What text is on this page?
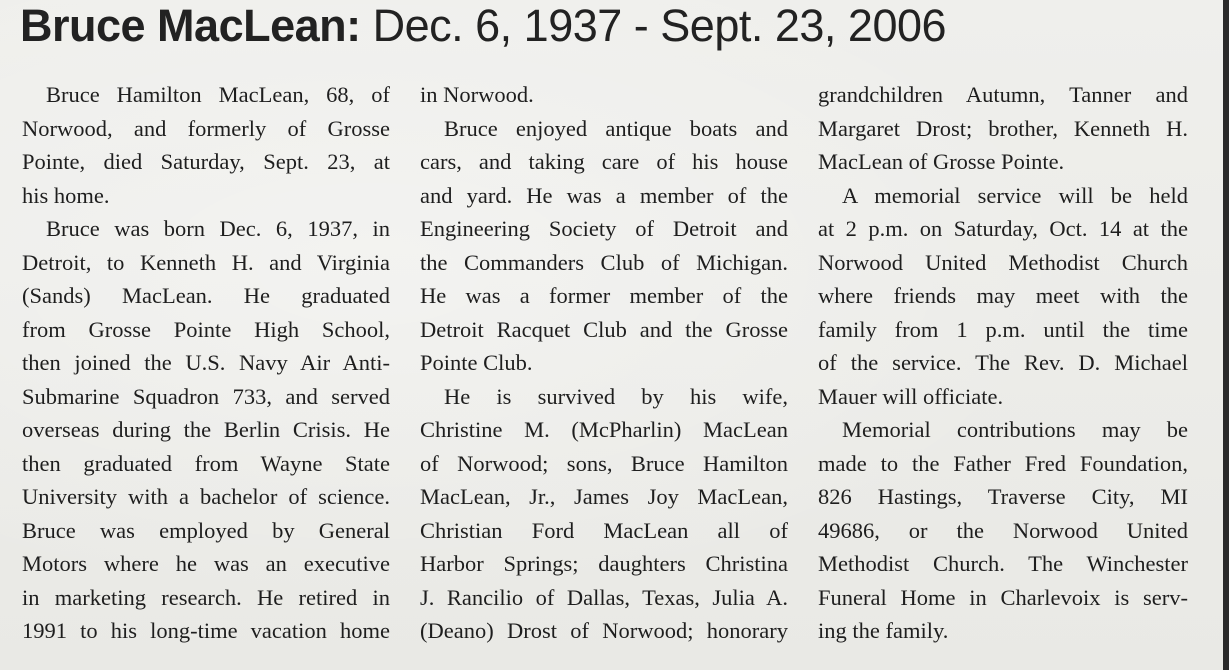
Bruce MacLean: Dec. 6, 1937 - Sept. 23, 2006
Bruce Hamilton MacLean, 68, of
Norwood, and formerly of Grosse
Pointe, died Saturday, Sept. 23, at
his home.
Bruce was born Dec. 6, 1937, in
Detroit, to Kenneth H. and Virginia
(Sands) MacLean. He graduated
from Grosse Pointe High School,
then joined the U.S. Navy Air Anti-
Submarine Squadron 733, and served
overseas during the Berlin Crisis. He
then graduated from Wayne State
University with a bachelor of science.
Bruce was employed by General
Motors where he was an executive
in marketing research. He retired in
1991 to his long-time vacation home
in Norwood.
Bruce enjoyed antique boats and
cars, and taking care of his house
and yard. He was a member of the
Engineering Society of Detroit and
the Commanders Club of Michigan.
He was a former member of the
Detroit Racquet Club and the Grosse
Pointe Club.
He is survived by his wife,
Christine M. (McPharlin) MacLean
of Norwood; sons, Bruce Hamilton
MacLean, Jr., James Joy MacLean,
Christian Ford MacLean all of
Harbor Springs; daughters Christina
J. Rancilio of Dallas, Texas, Julia A.
(Deano) Drost of Norwood; honorary
grandchildren Autumn, Tanner and
Margaret Drost; brother, Kenneth H.
MacLean of Grosse Pointe.
A memorial service will be held
at 2 p.m. on Saturday, Oct. 14 at the
Norwood United Methodist Church
where friends may meet with the
family from 1 p.m. until the time
of the service. The Rev. D. Michael
Mauer will officiate.
Memorial contributions may be
made to the Father Fred Foundation,
826 Hastings, Traverse City, MI
49686, or the Norwood United
Methodist Church. The Winchester
Funeral Home in Charlevoix is serv-
ing the family.
